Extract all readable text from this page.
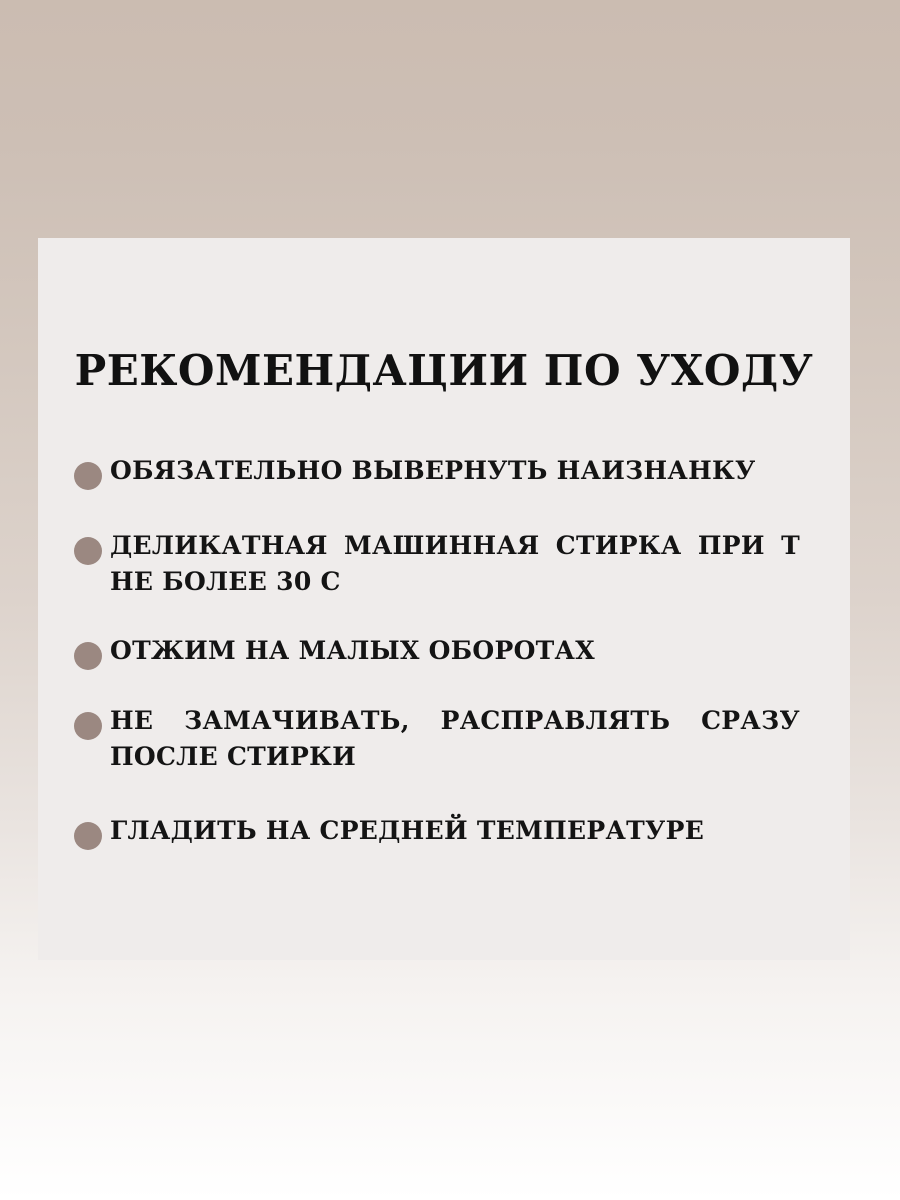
РЕКОМЕНДАЦИИ ПО УХОДУ
ОБЯЗАТЕЛЬНО ВЫВЕРНУТЬ НАИЗНАНКУ
ДЕЛИКАТНАЯ МАШИННАЯ СТИРКА ПРИ Т НЕ БОЛЕЕ 30 С
ОТЖИМ НА МАЛЫХ ОБОРОТАХ
НЕ ЗАМАЧИВАТЬ, РАСПРАВЛЯТЬ СРАЗУ ПОСЛЕ СТИРКИ
ГЛАДИТЬ НА СРЕДНЕЙ ТЕМПЕРАТУРЕ
